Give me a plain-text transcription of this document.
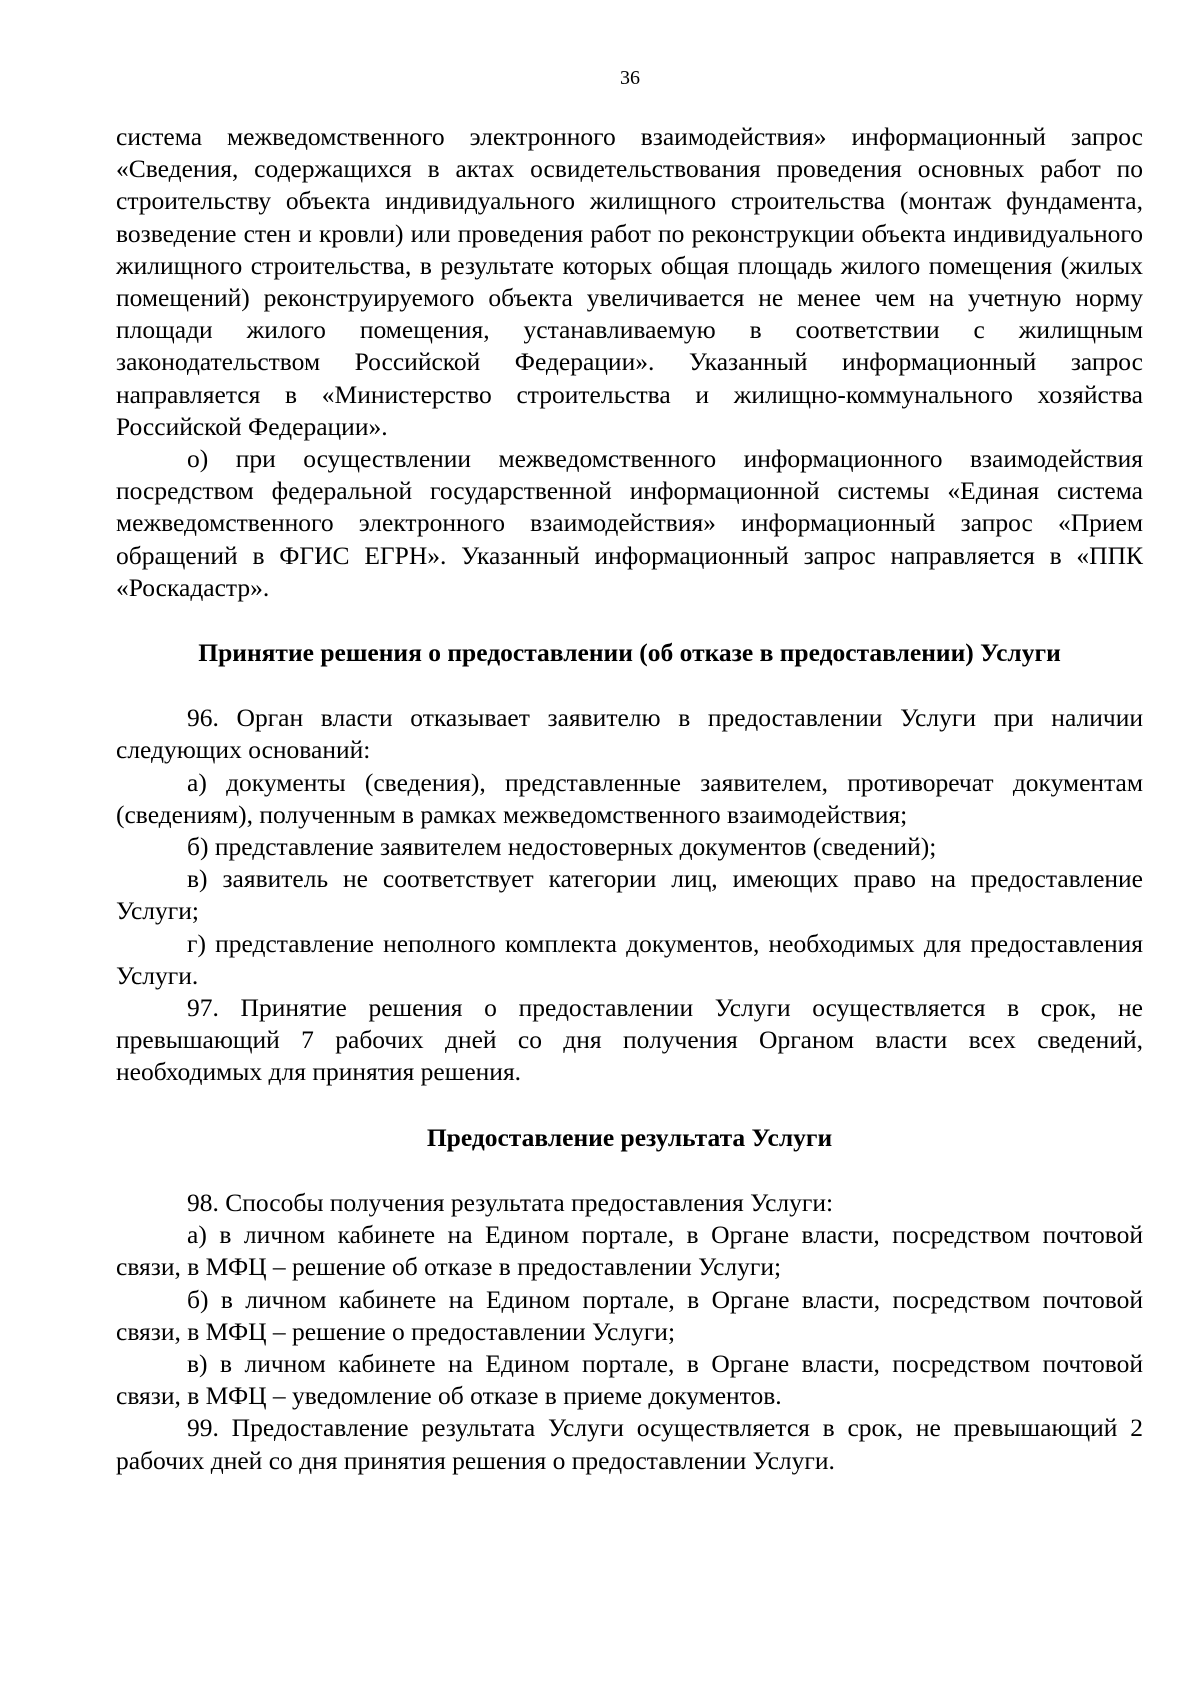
36

система межведомственного электронного взаимодействия» информационный запрос «Сведения, содержащихся в актах освидетельствования проведения основных работ по строительству объекта индивидуального жилищного строительства (монтаж фундамента, возведение стен и кровли) или проведения работ по реконструкции объекта индивидуального жилищного строительства, в результате которых общая площадь жилого помещения (жилых помещений) реконструируемого объекта увеличивается не менее чем на учетную норму площади жилого помещения, устанавливаемую в соответствии с жилищным законодательством Российской Федерации». Указанный информационный запрос направляется в «Министерство строительства и жилищно-коммунального хозяйства Российской Федерации».

о) при осуществлении межведомственного информационного взаимодействия посредством федеральной государственной информационной системы «Единая система межведомственного электронного взаимодействия» информационный запрос «Прием обращений в ФГИС ЕГРН». Указанный информационный запрос направляется в «ППК «Роскадастр».

Принятие решения о предоставлении (об отказе в предоставлении) Услуги

96. Орган власти отказывает заявителю в предоставлении Услуги при наличии следующих оснований:

а) документы (сведения), представленные заявителем, противоречат документам (сведениям), полученным в рамках межведомственного взаимодействия;

б) представление заявителем недостоверных документов (сведений);

в) заявитель не соответствует категории лиц, имеющих право на предоставление Услуги;

г) представление неполного комплекта документов, необходимых для предоставления Услуги.

97. Принятие решения о предоставлении Услуги осуществляется в срок, не превышающий 7 рабочих дней со дня получения Органом власти всех сведений, необходимых для принятия решения.

Предоставление результата Услуги

98. Способы получения результата предоставления Услуги:

а) в личном кабинете на Едином портале, в Органе власти, посредством почтовой связи, в МФЦ – решение об отказе в предоставлении Услуги;

б) в личном кабинете на Едином портале, в Органе власти, посредством почтовой связи, в МФЦ – решение о предоставлении Услуги;

в) в личном кабинете на Едином портале, в Органе власти, посредством почтовой связи, в МФЦ – уведомление об отказе в приеме документов.

99. Предоставление результата Услуги осуществляется в срок, не превышающий 2 рабочих дней со дня принятия решения о предоставлении Услуги.
